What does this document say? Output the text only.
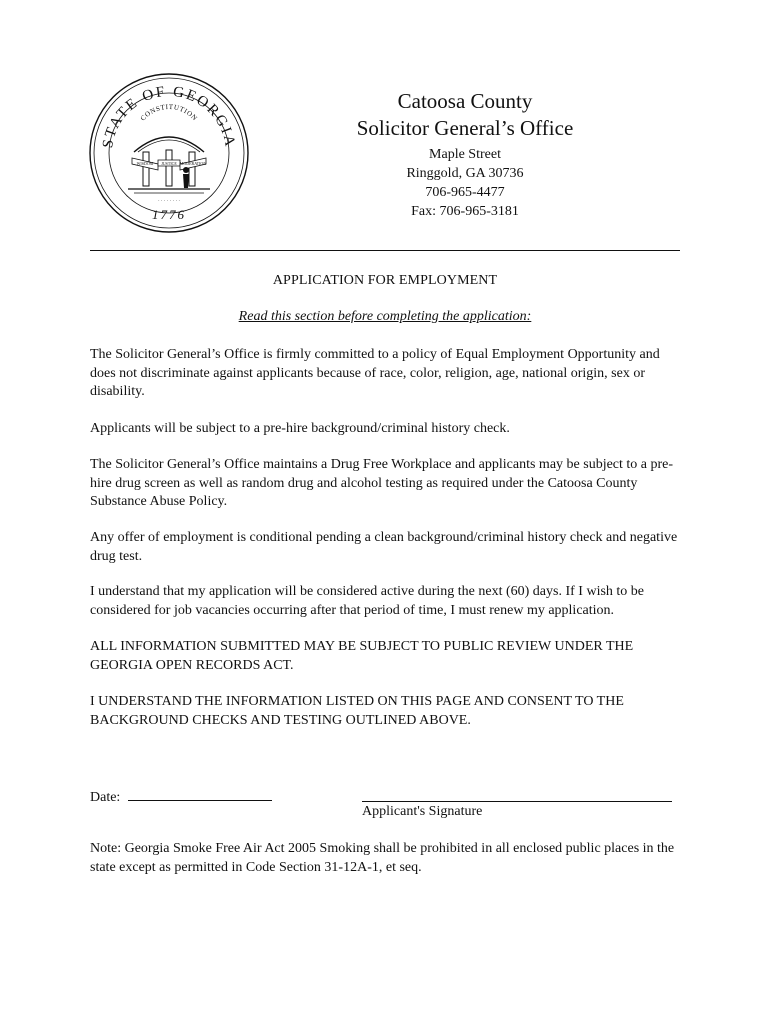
STATE OF GEORGIA
CONSTITUTION
WISDOM JUSTICE MODERATION
· · · · · · · ·
1776
Catoosa County
Solicitor General’s Office
Maple Street
Ringgold, GA 30736
706-965-4477
Fax: 706-965-3181
APPLICATION FOR EMPLOYMENT
Read this section before completing the application:

The Solicitor General’s Office is firmly committed to a policy of Equal Employment Opportunity and does not discriminate against applicants because of race, color, religion, age, national origin, sex or disability.

Applicants will be subject to a pre-hire background/criminal history check.

The Solicitor General’s Office maintains a Drug Free Workplace and applicants may be subject to a pre-hire drug screen as well as random drug and alcohol testing as required under the Catoosa County Substance Abuse Policy.

Any offer of employment is conditional pending a clean background/criminal history check and negative drug test.

I understand that my application will be considered active during the next (60) days. If I wish to be considered for job vacancies occurring after that period of time, I must renew my application.

ALL INFORMATION SUBMITTED MAY BE SUBJECT TO PUBLIC REVIEW UNDER THE GEORGIA OPEN RECORDS ACT.

I UNDERSTAND THE INFORMATION LISTED ON THIS PAGE AND CONSENT TO THE BACKGROUND CHECKS AND TESTING OUTLINED ABOVE.

Date:
Applicant's Signature

Note: Georgia Smoke Free Air Act 2005 Smoking shall be prohibited in all enclosed public places in the state except as permitted in Code Section 31-12A-1, et seq.
